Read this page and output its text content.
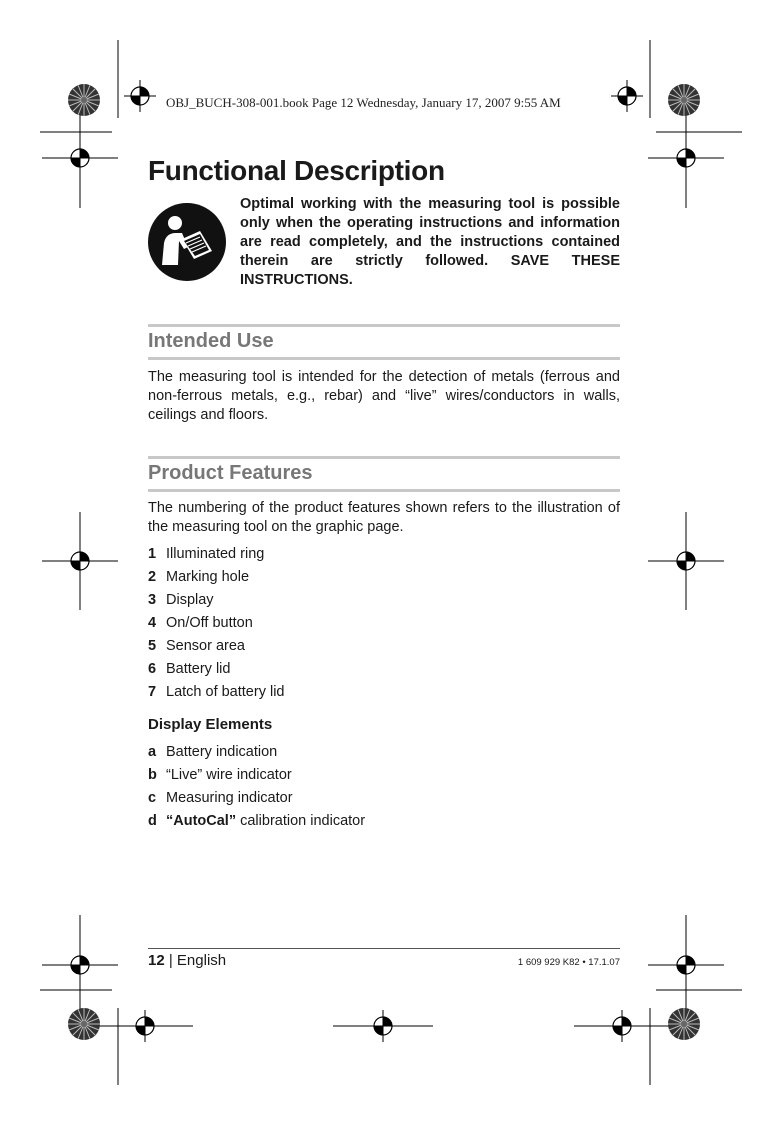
OBJ_BUCH-308-001.book Page 12 Wednesday, January 17, 2007 9:55 AM
Functional Description

Optimal working with the measuring tool is possible only when the operating instructions and information are read completely, and the instructions contained therein are strictly followed. SAVE THESE INSTRUCTIONS.

Intended Use

The measuring tool is intended for the detection of metals (ferrous and non-ferrous metals, e.g., rebar) and “live” wires/conductors in walls, ceilings and floors.

Product Features

The numbering of the product features shown refers to the illustration of the measuring tool on the graphic page.

1 Illuminated ring
2 Marking hole
3 Display
4 On/Off button
5 Sensor area
6 Battery lid
7 Latch of battery lid
Display Elements
a Battery indication
b “Live” wire indicator
c Measuring indicator
d “AutoCal” calibration indicator
12 | English	1 609 929 K82 • 17.1.07
